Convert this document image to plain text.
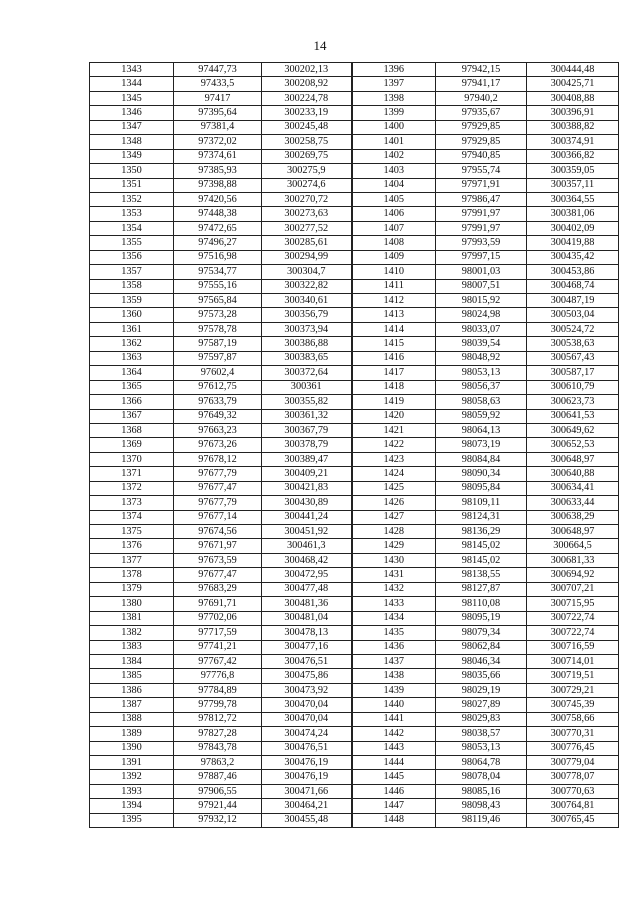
14
1343	97447,73	300202,13	1396	97942,15	300444,48
1344	97433,5	300208,92	1397	97941,17	300425,71
1345	97417	300224,78	1398	97940,2	300408,88
1346	97395,64	300233,19	1399	97935,67	300396,91
1347	97381,4	300245,48	1400	97929,85	300388,82
1348	97372,02	300258,75	1401	97929,85	300374,91
1349	97374,61	300269,75	1402	97940,85	300366,82
1350	97385,93	300275,9	1403	97955,74	300359,05
1351	97398,88	300274,6	1404	97971,91	300357,11
1352	97420,56	300270,72	1405	97986,47	300364,55
1353	97448,38	300273,63	1406	97991,97	300381,06
1354	97472,65	300277,52	1407	97991,97	300402,09
1355	97496,27	300285,61	1408	97993,59	300419,88
1356	97516,98	300294,99	1409	97997,15	300435,42
1357	97534,77	300304,7	1410	98001,03	300453,86
1358	97555,16	300322,82	1411	98007,51	300468,74
1359	97565,84	300340,61	1412	98015,92	300487,19
1360	97573,28	300356,79	1413	98024,98	300503,04
1361	97578,78	300373,94	1414	98033,07	300524,72
1362	97587,19	300386,88	1415	98039,54	300538,63
1363	97597,87	300383,65	1416	98048,92	300567,43
1364	97602,4	300372,64	1417	98053,13	300587,17
1365	97612,75	300361	1418	98056,37	300610,79
1366	97633,79	300355,82	1419	98058,63	300623,73
1367	97649,32	300361,32	1420	98059,92	300641,53
1368	97663,23	300367,79	1421	98064,13	300649,62
1369	97673,26	300378,79	1422	98073,19	300652,53
1370	97678,12	300389,47	1423	98084,84	300648,97
1371	97677,79	300409,21	1424	98090,34	300640,88
1372	97677,47	300421,83	1425	98095,84	300634,41
1373	97677,79	300430,89	1426	98109,11	300633,44
1374	97677,14	300441,24	1427	98124,31	300638,29
1375	97674,56	300451,92	1428	98136,29	300648,97
1376	97671,97	300461,3	1429	98145,02	300664,5
1377	97673,59	300468,42	1430	98145,02	300681,33
1378	97677,47	300472,95	1431	98138,55	300694,92
1379	97683,29	300477,48	1432	98127,87	300707,21
1380	97691,71	300481,36	1433	98110,08	300715,95
1381	97702,06	300481,04	1434	98095,19	300722,74
1382	97717,59	300478,13	1435	98079,34	300722,74
1383	97741,21	300477,16	1436	98062,84	300716,59
1384	97767,42	300476,51	1437	98046,34	300714,01
1385	97776,8	300475,86	1438	98035,66	300719,51
1386	97784,89	300473,92	1439	98029,19	300729,21
1387	97799,78	300470,04	1440	98027,89	300745,39
1388	97812,72	300470,04	1441	98029,83	300758,66
1389	97827,28	300474,24	1442	98038,57	300770,31
1390	97843,78	300476,51	1443	98053,13	300776,45
1391	97863,2	300476,19	1444	98064,78	300779,04
1392	97887,46	300476,19	1445	98078,04	300778,07
1393	97906,55	300471,66	1446	98085,16	300770,63
1394	97921,44	300464,21	1447	98098,43	300764,81
1395	97932,12	300455,48	1448	98119,46	300765,45
